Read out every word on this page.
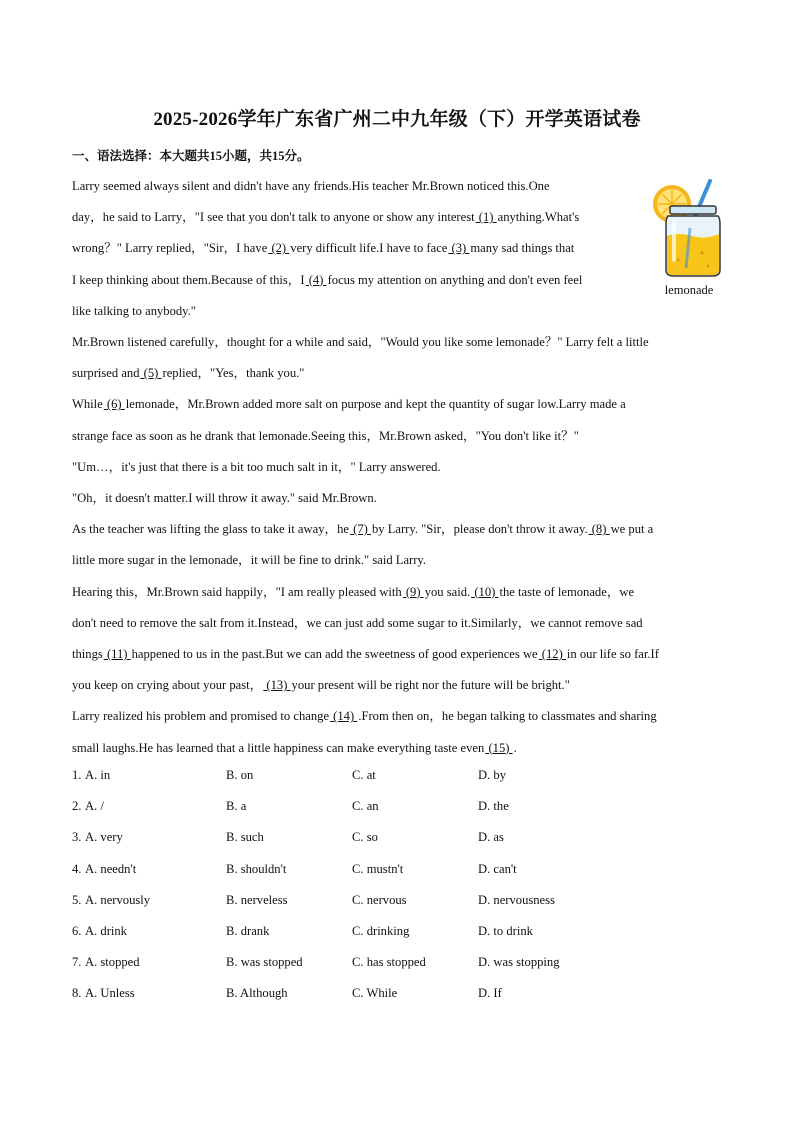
2025-2026学年广东省广州二中九年级（下）开学英语试卷
一、语法选择：本大题共15小题，共15分。
lemonade
Larry seemed always silent and didn't have any friends.His teacher Mr.Brown noticed this.One
day，he said to Larry，"I see that you don't talk to anyone or show any interest (1) anything.What's
wrong？" Larry replied，"Sir，I have (2) very difficult life.I have to face (3) many sad things that
I keep thinking about them.Because of this，I (4) focus my attention on anything and don't even feel
like talking to anybody."
Mr.Brown listened carefully，thought for a while and said，"Would you like some lemonade？" Larry felt a little
surprised and (5) replied，"Yes，thank you."
While (6) lemonade，Mr.Brown added more salt on purpose and kept the quantity of sugar low.Larry made a
strange face as soon as he drank that lemonade.Seeing this，Mr.Brown asked，"You don't like it？"
"Um…，it's just that there is a bit too much salt in it，" Larry answered.
"Oh，it doesn't matter.I will throw it away." said Mr.Brown.
As the teacher was lifting the glass to take it away，he (7) by Larry. "Sir，please don't throw it away. (8) we put a
little more sugar in the lemonade，it will be fine to drink." said Larry.
Hearing this，Mr.Brown said happily，"I am really pleased with (9) you said. (10) the taste of lemonade，we
don't need to remove the salt from it.Instead，we can just add some sugar to it.Similarly，we cannot remove sad
things (11) happened to us in the past.But we can add the sweetness of good experiences we (12) in our life so far.If
you keep on crying about your past， (13) your present will be right nor the future will be bright."
Larry realized his problem and promised to change (14) .From then on，he began talking to classmates and sharing
small laughs.He has learned that a little happiness can make everything taste even (15) .
1. A. in	B. on	C. at	D. by
2. A. /	B. a	C. an	D. the
3. A. very	B. such	C. so	D. as
4. A. needn't	B. shouldn't	C. mustn't	D. can't
5. A. nervously	B. nerveless	C. nervous	D. nervousness
6. A. drink	B. drank	C. drinking	D. to drink
7. A. stopped	B. was stopped	C. has stopped	D. was stopping
8. A. Unless	B. Although	C. While	D. If
